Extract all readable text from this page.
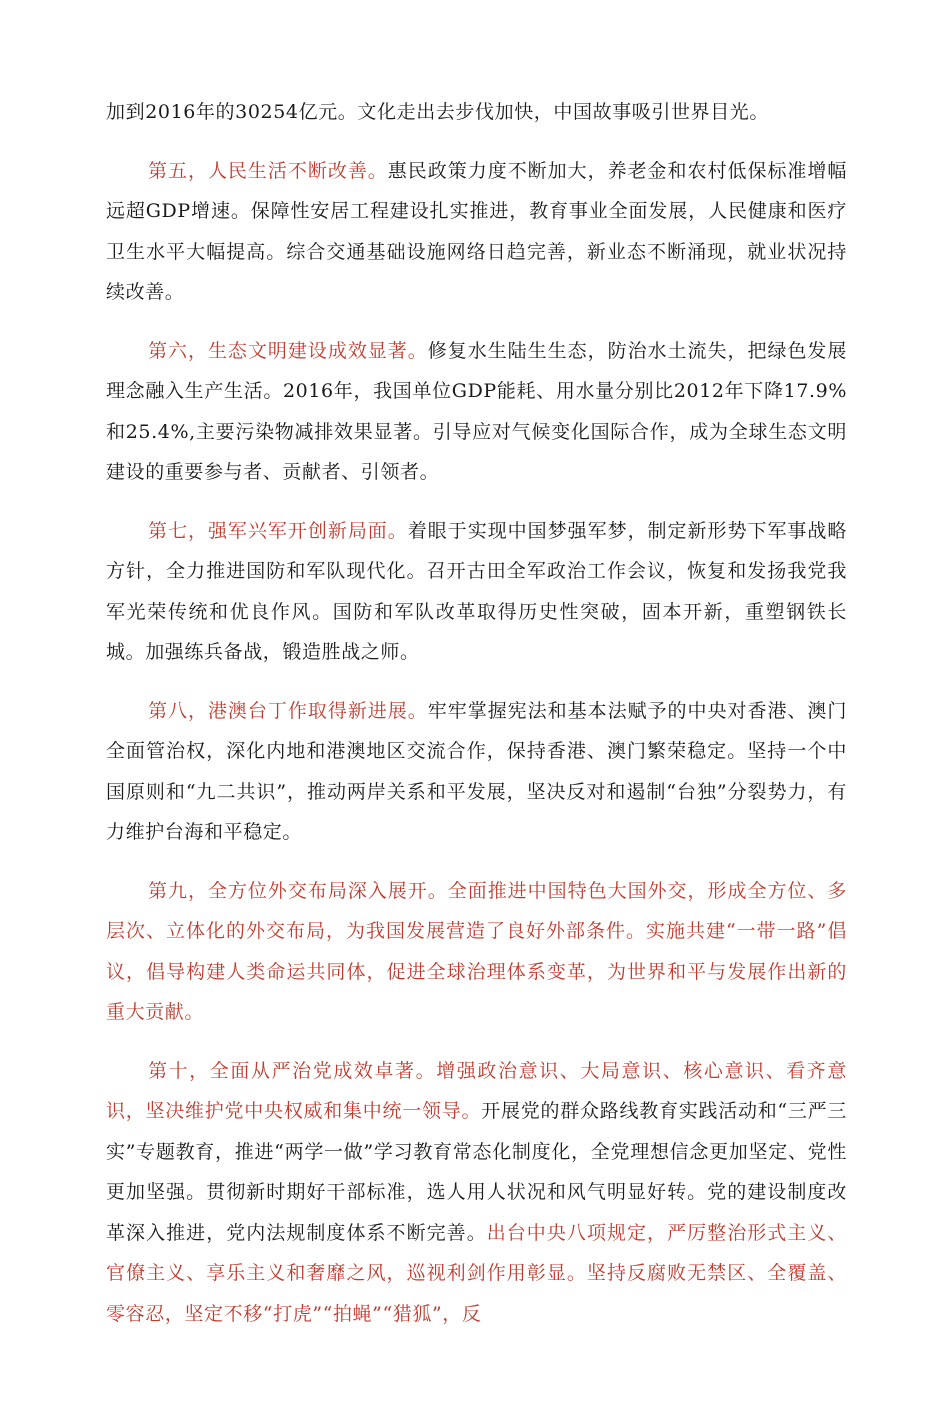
加到2016年的30254亿元。文化走出去步伐加快，中国故事吸引世界目光。

第五，人民生活不断改善。惠民政策力度不断加大，养老金和农村低保标准增幅远超GDP增速。保障性安居工程建设扎实推进，教育事业全面发展，人民健康和医疗卫生水平大幅提高。综合交通基础设施网络日趋完善，新业态不断涌现，就业状况持续改善。

第六，生态文明建设成效显著。修复水生陆生生态，防治水土流失，把绿色发展理念融入生产生活。2016年，我国单位GDP能耗、用水量分别比2012年下降17.9%和25.4%,主要污染物减排效果显著。引导应对气候变化国际合作，成为全球生态文明建设的重要参与者、贡献者、引领者。

第七，强军兴军开创新局面。着眼于实现中国梦强军梦，制定新形势下军事战略方针，全力推进国防和军队现代化。召开古田全军政治工作会议，恢复和发扬我党我军光荣传统和优良作风。国防和军队改革取得历史性突破，固本开新，重塑钢铁长城。加强练兵备战，锻造胜战之师。

第八，港澳台丁作取得新进展。牢牢掌握宪法和基本法赋予的中央对香港、澳门全面管治权，深化内地和港澳地区交流合作，保持香港、澳门繁荣稳定。坚持一个中国原则和“九二共识”，推动两岸关系和平发展，坚决反对和遏制“台独”分裂势力，有力维护台海和平稳定。

第九，全方位外交布局深入展开。全面推进中国特色大国外交，形成全方位、多层次、立体化的外交布局，为我国发展营造了良好外部条件。实施共建“一带一路”倡议，倡导构建人类命运共同体，促进全球治理体系变革，为世界和平与发展作出新的重大贡献。

第十，全面从严治党成效卓著。增强政治意识、大局意识、核心意识、看齐意识，坚决维护党中央权威和集中统一领导。开展党的群众路线教育实践活动和“三严三实”专题教育，推进“两学一做”学习教育常态化制度化，全党理想信念更加坚定、党性更加坚强。贯彻新时期好干部标准，选人用人状况和风气明显好转。党的建设制度改革深入推进，党内法规制度体系不断完善。出台中央八项规定，严厉整治形式主义、官僚主义、享乐主义和奢靡之风，巡视利剑作用彰显。坚持反腐败无禁区、全覆盖、零容忍，坚定不移“打虎”“拍蝇”“猎狐”，反
